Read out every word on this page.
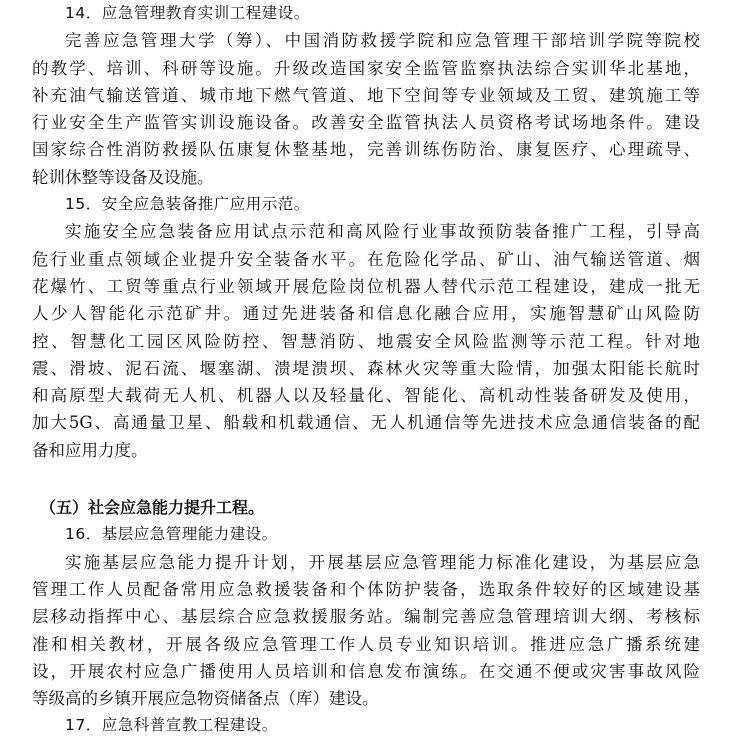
14．应急管理教育实训工程建设。
完善应急管理大学（筹）、中国消防救援学院和应急管理干部培训学院等院校
的教学、培训、科研等设施。升级改造国家安全监管监察执法综合实训华北基地，
补充油气输送管道、城市地下燃气管道、地下空间等专业领域及工贸、建筑施工等
行业安全生产监管实训设施设备。改善安全监管执法人员资格考试场地条件。建设
国家综合性消防救援队伍康复休整基地，完善训练伤防治、康复医疗、心理疏导、
轮训休整等设备及设施。
15．安全应急装备推广应用示范。
实施安全应急装备应用试点示范和高风险行业事故预防装备推广工程，引导高
危行业重点领域企业提升安全装备水平。在危险化学品、矿山、油气输送管道、烟
花爆竹、工贸等重点行业领域开展危险岗位机器人替代示范工程建设，建成一批无
人少人智能化示范矿井。通过先进装备和信息化融合应用，实施智慧矿山风险防
控、智慧化工园区风险防控、智慧消防、地震安全风险监测等示范工程。针对地
震、滑坡、泥石流、堰塞湖、溃堤溃坝、森林火灾等重大险情，加强太阳能长航时
和高原型大载荷无人机、机器人以及轻量化、智能化、高机动性装备研发及使用，
加大5G、高通量卫星、船载和机载通信、无人机通信等先进技术应急通信装备的配
备和应用力度。
（五）社会应急能力提升工程。
16．基层应急管理能力建设。
实施基层应急能力提升计划，开展基层应急管理能力标准化建设，为基层应急
管理工作人员配备常用应急救援装备和个体防护装备，选取条件较好的区域建设基
层移动指挥中心、基层综合应急救援服务站。编制完善应急管理培训大纲、考核标
准和相关教材，开展各级应急管理工作人员专业知识培训。推进应急广播系统建
设，开展农村应急广播使用人员培训和信息发布演练。在交通不便或灾害事故风险
等级高的乡镇开展应急物资储备点（库）建设。
17．应急科普宣教工程建设。
